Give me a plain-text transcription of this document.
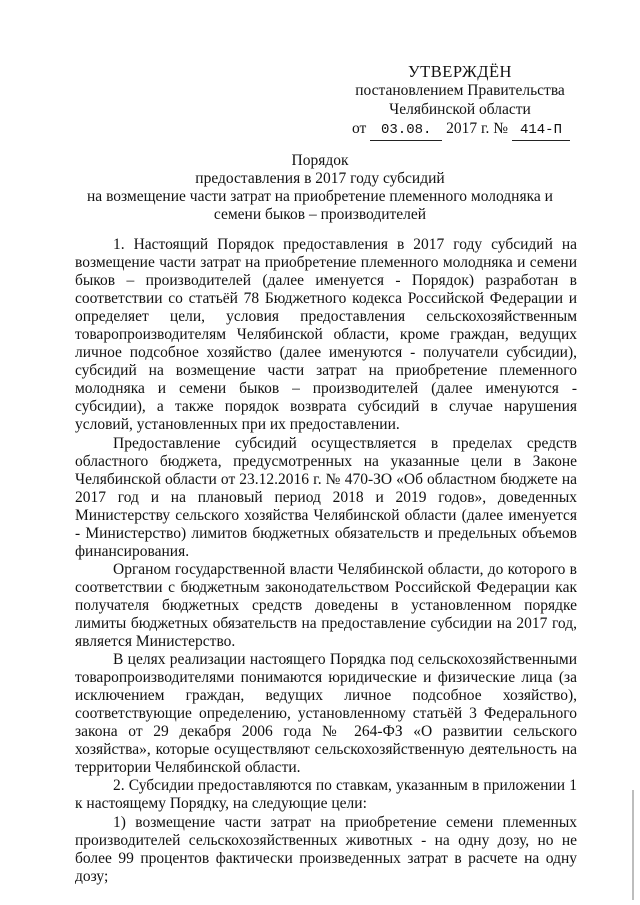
УТВЕРЖДЁН
постановлением Правительства
Челябинской области
от 03.08. 2017 г. № 414-П
Порядок
предоставления в 2017 году субсидий
на возмещение части затрат на приобретение племенного молодняка и
семени быков – производителей

1. Настоящий Порядок предоставления в 2017 году субсидий на возмещение части затрат на приобретение племенного молодняка и семени быков – производителей (далее именуется - Порядок) разработан в соответствии со статьёй 78 Бюджетного кодекса Российской Федерации и определяет цели, условия предоставления сельскохозяйственным товаропроизводителям Челябинской области, кроме граждан, ведущих личное подсобное хозяйство (далее именуются - получатели субсидии), субсидий на возмещение части затрат на приобретение племенного молодняка и семени быков – производителей (далее именуются - субсидии), а также порядок возврата субсидий в случае нарушения условий, установленных при их предоставлении.

Предоставление субсидий осуществляется в пределах средств областного бюджета, предусмотренных на указанные цели в Законе Челябинской области от 23.12.2016 г. № 470-ЗО «Об областном бюджете на 2017 год и на плановый период 2018 и 2019 годов», доведенных Министерству сельского хозяйства Челябинской области (далее именуется - Министерство) лимитов бюджетных обязательств и предельных объемов финансирования.

Органом государственной власти Челябинской области, до которого в соответствии с бюджетным законодательством Российской Федерации как получателя бюджетных средств доведены в установленном порядке лимиты бюджетных обязательств на предоставление субсидии на 2017 год, является Министерство.

В целях реализации настоящего Порядка под сельскохозяйственными товаропроизводителями понимаются юридические и физические лица (за исключением граждан, ведущих личное подсобное хозяйство), соответствующие определению, установленному статьёй 3 Федерального закона от 29 декабря 2006 года № 264-ФЗ «О развитии сельского хозяйства», которые осуществляют сельскохозяйственную деятельность на территории Челябинской области.

2. Субсидии предоставляются по ставкам, указанным в приложении 1 к настоящему Порядку, на следующие цели:

1) возмещение части затрат на приобретение семени племенных производителей сельскохозяйственных животных - на одну дозу, но не более 99 процентов фактически произведенных затрат в расчете на одну дозу;
